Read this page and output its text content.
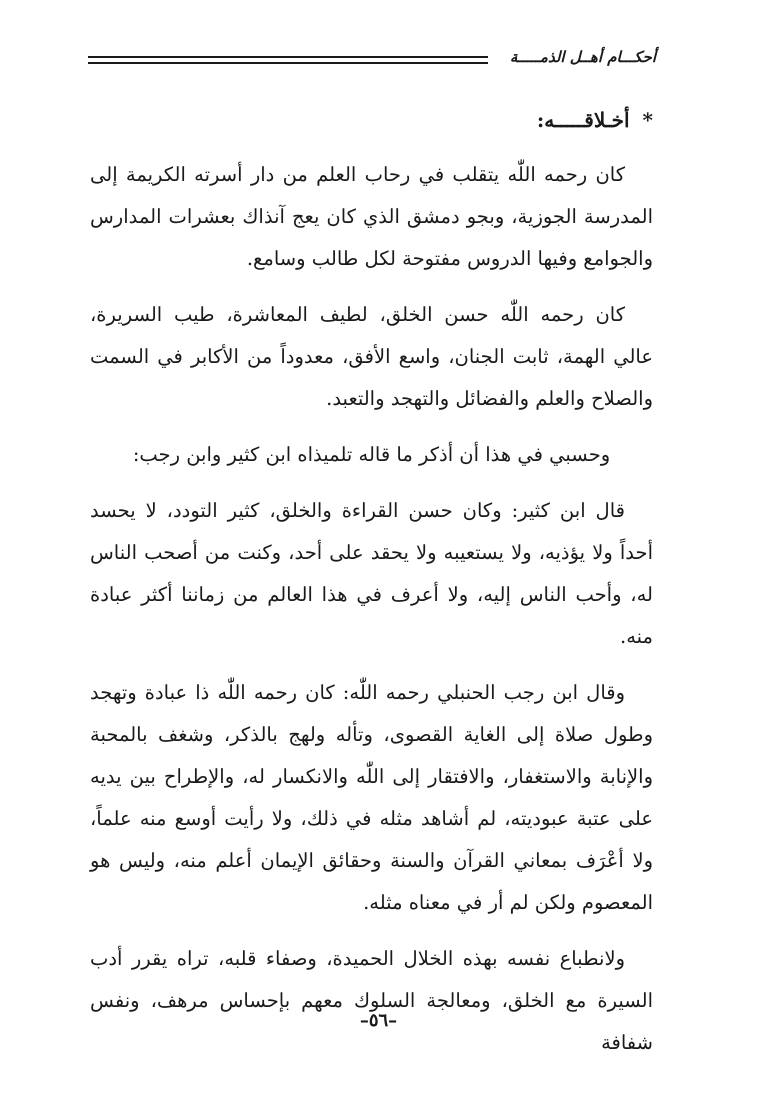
أحكـــام أهــل الذمـــــة
* أخـلاقـــــه:

كان رحمه اللّٰه يتقلب في رحاب العلم من دار أسرته الكريمة إلى المدرسة الجوزية، وبجو دمشق الذي كان يعج آنذاك بعشرات المدارس والجوامع وفيها الدروس مفتوحة لكل طالب وسامع.

كان رحمه اللّٰه حسن الخلق، لطيف المعاشرة، طيب السريرة، عالي الهمة، ثابت الجنان، واسع الأفق، معدوداً من الأكابر في السمت والصلاح والعلم والفضائل والتهجد والتعبد.

وحسبي في هذا أن أذكر ما قاله تلميذاه ابن كثير وابن رجب:

قال ابن كثير: وكان حسن القراءة والخلق، كثير التودد، لا يحسد أحداً ولا يؤذيه، ولا يستعيبه ولا يحقد على أحد، وكنت من أصحب الناس له، وأحب الناس إليه، ولا أعرف في هذا العالم من زماننا أكثر عبادة منه.

وقال ابن رجب الحنبلي رحمه اللّٰه: كان رحمه اللّٰه ذا عبادة وتهجد وطول صلاة إلى الغاية القصوى، وتأله ولهج بالذكر، وشغف بالمحبة والإنابة والاستغفار، والافتقار إلى اللّٰه والانكسار له، والإطراح بين يديه على عتبة عبوديته، لم أشاهد مثله في ذلك، ولا رأيت أوسع منه علماً، ولا أعْرَف بمعاني القرآن والسنة وحقائق الإيمان أعلم منه، وليس هو المعصوم ولكن لم أر في معناه مثله.

ولانطباع نفسه بهذه الخلال الحميدة، وصفاء قلبه، تراه يقرر أدب السيرة مع الخلق، ومعالجة السلوك معهم بإحساس مرهف، ونفس شفافة

–٥٦–
